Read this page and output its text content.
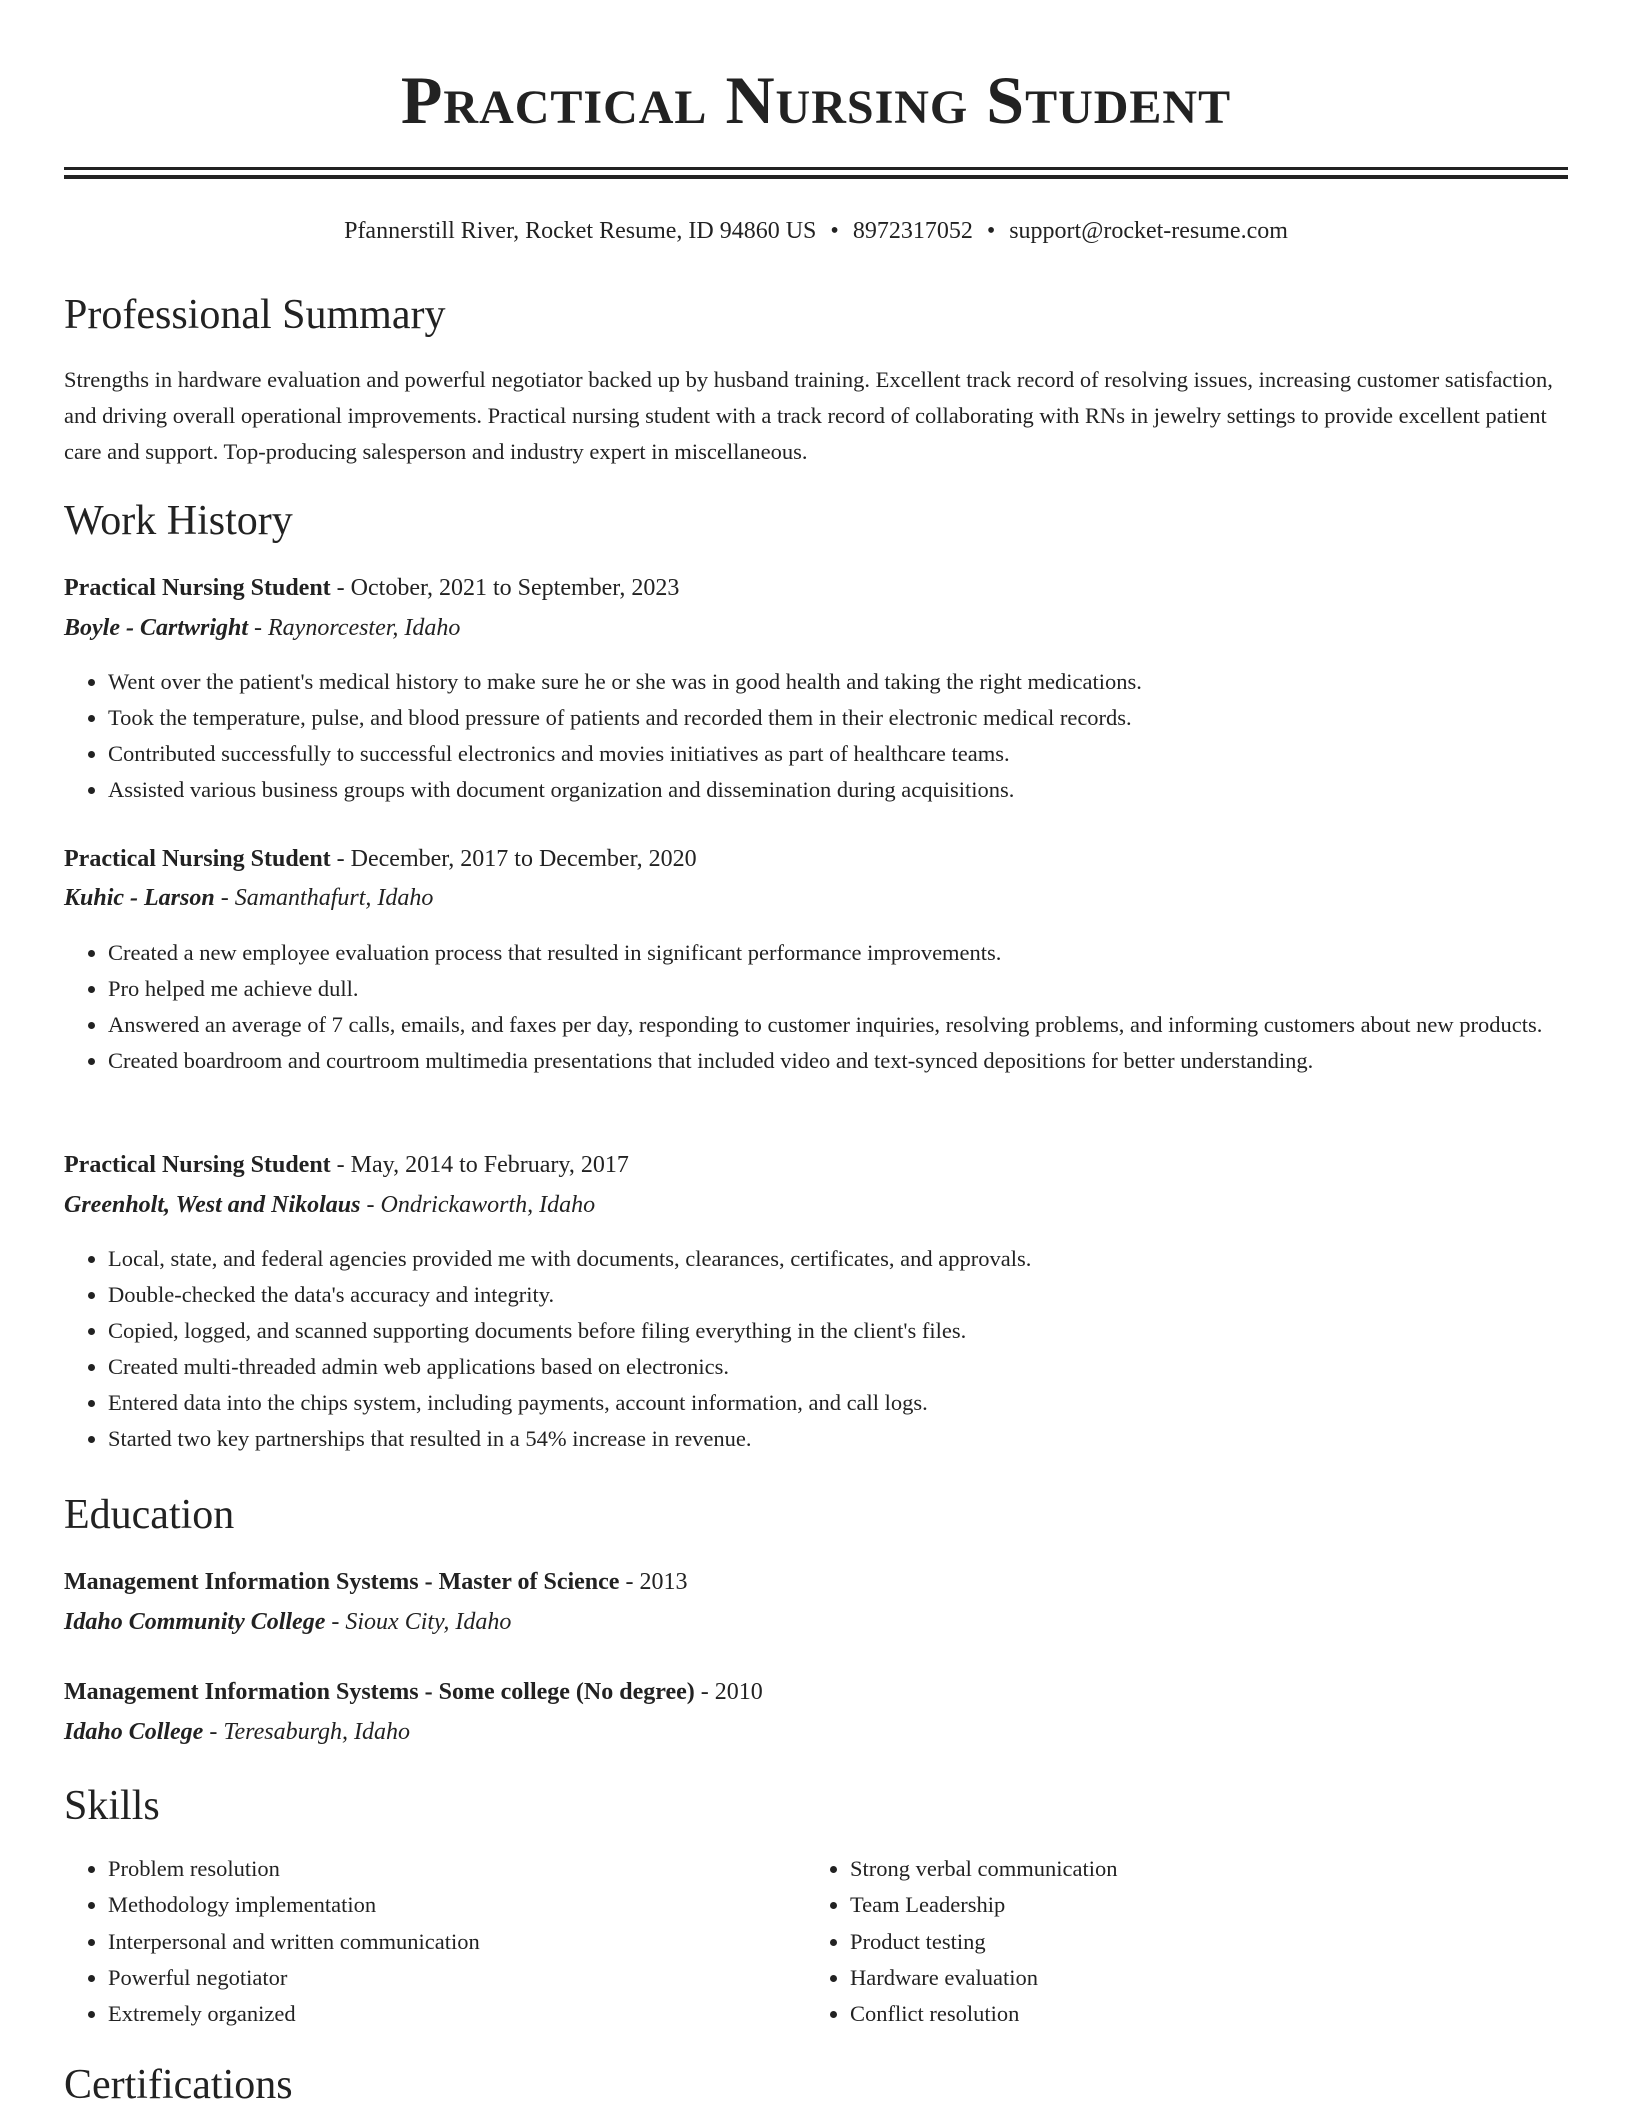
Practical Nursing Student
Pfannerstill River, Rocket Resume, ID 94860 US • 8972317052 • support@rocket-resume.com
Professional Summary

Strengths in hardware evaluation and powerful negotiator backed up by husband training. Excellent track record of resolving issues, increasing customer satisfaction, and driving overall operational improvements. Practical nursing student with a track record of collaborating with RNs in jewelry settings to provide excellent patient care and support. Top-producing salesperson and industry expert in miscellaneous.

Work History
Practical Nursing Student - October, 2021 to September, 2023
Boyle - Cartwright - Raynorcester, Idaho
• Went over the patient's medical history to make sure he or she was in good health and taking the right medications.
• Took the temperature, pulse, and blood pressure of patients and recorded them in their electronic medical records.
• Contributed successfully to successful electronics and movies initiatives as part of healthcare teams.
• Assisted various business groups with document organization and dissemination during acquisitions.
Practical Nursing Student - December, 2017 to December, 2020
Kuhic - Larson - Samanthafurt, Idaho
• Created a new employee evaluation process that resulted in significant performance improvements.
• Pro helped me achieve dull.
• Answered an average of 7 calls, emails, and faxes per day, responding to customer inquiries, resolving problems, and informing customers about new products.
• Created boardroom and courtroom multimedia presentations that included video and text-synced depositions for better understanding.
Practical Nursing Student - May, 2014 to February, 2017
Greenholt, West and Nikolaus - Ondrickaworth, Idaho
• Local, state, and federal agencies provided me with documents, clearances, certificates, and approvals.
• Double-checked the data's accuracy and integrity.
• Copied, logged, and scanned supporting documents before filing everything in the client's files.
• Created multi-threaded admin web applications based on electronics.
• Entered data into the chips system, including payments, account information, and call logs.
• Started two key partnerships that resulted in a 54% increase in revenue.
Education
Management Information Systems - Master of Science - 2013
Idaho Community College - Sioux City, Idaho
Management Information Systems - Some college (No degree) - 2010
Idaho College - Teresaburgh, Idaho
Skills
• Problem resolution
• Methodology implementation
• Interpersonal and written communication
• Powerful negotiator
• Extremely organized
• Strong verbal communication
• Team Leadership
• Product testing
• Hardware evaluation
• Conflict resolution
Certifications
